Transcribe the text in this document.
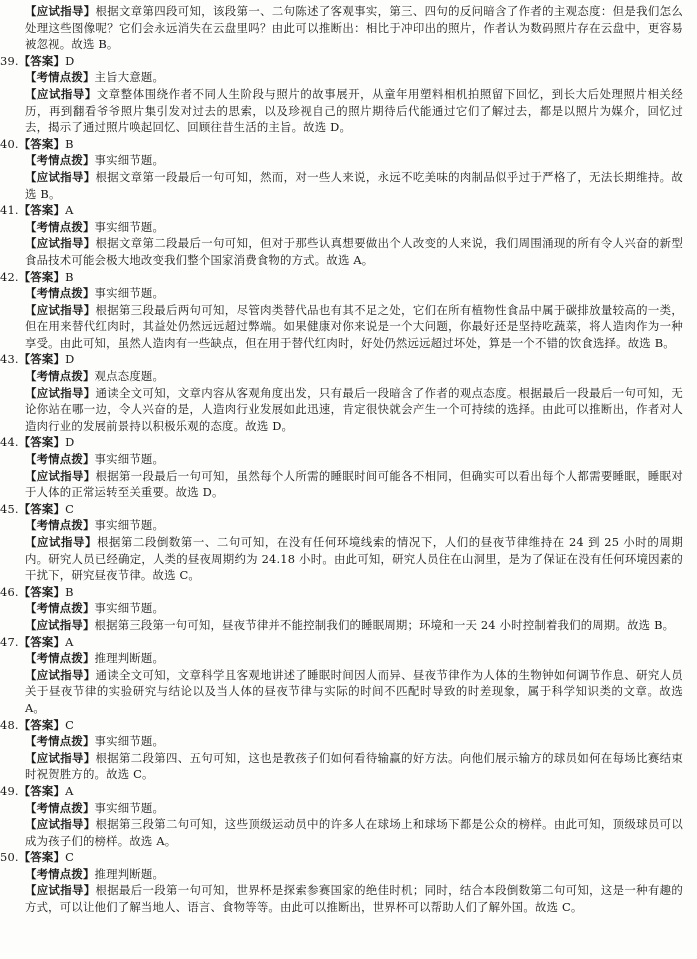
【应试指导】根据文章第四段可知，该段第一、二句陈述了客观事实，第三、四句的反问暗含了作者的主观态度：但是我们怎么处理这些图像呢？它们会永远消失在云盘里吗？由此可以推断出：相比于冲印出的照片，作者认为数码照片存在云盘中，更容易被忽视。故选 B。

39.【答案】D

【考情点拨】主旨大意题。

【应试指导】文章整体围绕作者不同人生阶段与照片的故事展开，从童年用塑料相机拍照留下回忆，到长大后处理照片相关经历，再到翻看爷爷照片集引发对过去的思索，以及珍视自己的照片期待后代能通过它们了解过去，都是以照片为媒介，回忆过去，揭示了通过照片唤起回忆、回顾往昔生活的主旨。故选 D。

40.【答案】B

【考情点拨】事实细节题。

【应试指导】根据文章第一段最后一句可知，然而，对一些人来说，永远不吃美味的肉制品似乎过于严格了，无法长期维持。故选 B。

41.【答案】A

【考情点拨】事实细节题。

【应试指导】根据文章第二段最后一句可知，但对于那些认真想要做出个人改变的人来说，我们周围涌现的所有令人兴奋的新型食品技术可能会极大地改变我们整个国家消费食物的方式。故选 A。

42.【答案】B

【考情点拨】事实细节题。

【应试指导】根据第三段最后两句可知，尽管肉类替代品也有其不足之处，它们在所有植物性食品中属于碳排放量较高的一类，但在用来替代红肉时，其益处仍然远远超过弊端。如果健康对你来说是一个大问题，你最好还是坚持吃蔬菜，将人造肉作为一种享受。由此可知，虽然人造肉有一些缺点，但在用于替代红肉时，好处仍然远远超过坏处，算是一个不错的饮食选择。故选 B。

43.【答案】D

【考情点拨】观点态度题。

【应试指导】通读全文可知，文章内容从客观角度出发，只有最后一段暗含了作者的观点态度。根据最后一段最后一句可知，无论你站在哪一边，令人兴奋的是，人造肉行业发展如此迅速，肯定很快就会产生一个可持续的选择。由此可以推断出，作者对人造肉行业的发展前景持以积极乐观的态度。故选 D。

44.【答案】D

【考情点拨】事实细节题。

【应试指导】根据第一段最后一句可知，虽然每个人所需的睡眠时间可能各不相同，但确实可以看出每个人都需要睡眠，睡眠对于人体的正常运转至关重要。故选 D。

45.【答案】C

【考情点拨】事实细节题。

【应试指导】根据第二段倒数第一、二句可知，在没有任何环境线索的情况下，人们的昼夜节律维持在 24 到 25 小时的周期内。研究人员已经确定，人类的昼夜周期约为 24.18 小时。由此可知，研究人员住在山洞里，是为了保证在没有任何环境因素的干扰下，研究昼夜节律。故选 C。

46.【答案】B

【考情点拨】事实细节题。

【应试指导】根据第三段第一句可知，昼夜节律并不能控制我们的睡眠周期；环境和一天 24 小时控制着我们的周期。故选 B。

47.【答案】A

【考情点拨】推理判断题。

【应试指导】通读全文可知，文章科学且客观地讲述了睡眠时间因人而异、昼夜节律作为人体的生物钟如何调节作息、研究人员关于昼夜节律的实验研究与结论以及当人体的昼夜节律与实际的时间不匹配时导致的时差现象，属于科学知识类的文章。故选 A。

48.【答案】C

【考情点拨】事实细节题。

【应试指导】根据第二段第四、五句可知，这也是教孩子们如何看待输赢的好方法。向他们展示输方的球员如何在每场比赛结束时祝贺胜方的。故选 C。

49.【答案】A

【考情点拨】事实细节题。

【应试指导】根据第三段第二句可知，这些顶级运动员中的许多人在球场上和球场下都是公众的榜样。由此可知，顶级球员可以成为孩子们的榜样。故选 A。

50.【答案】C

【考情点拨】推理判断题。

【应试指导】根据最后一段第一句可知，世界杯是探索参赛国家的绝佳时机；同时，结合本段倒数第二句可知，这是一种有趣的方式，可以让他们了解当地人、语言、食物等等。由此可以推断出，世界杯可以帮助人们了解外国。故选 C。
